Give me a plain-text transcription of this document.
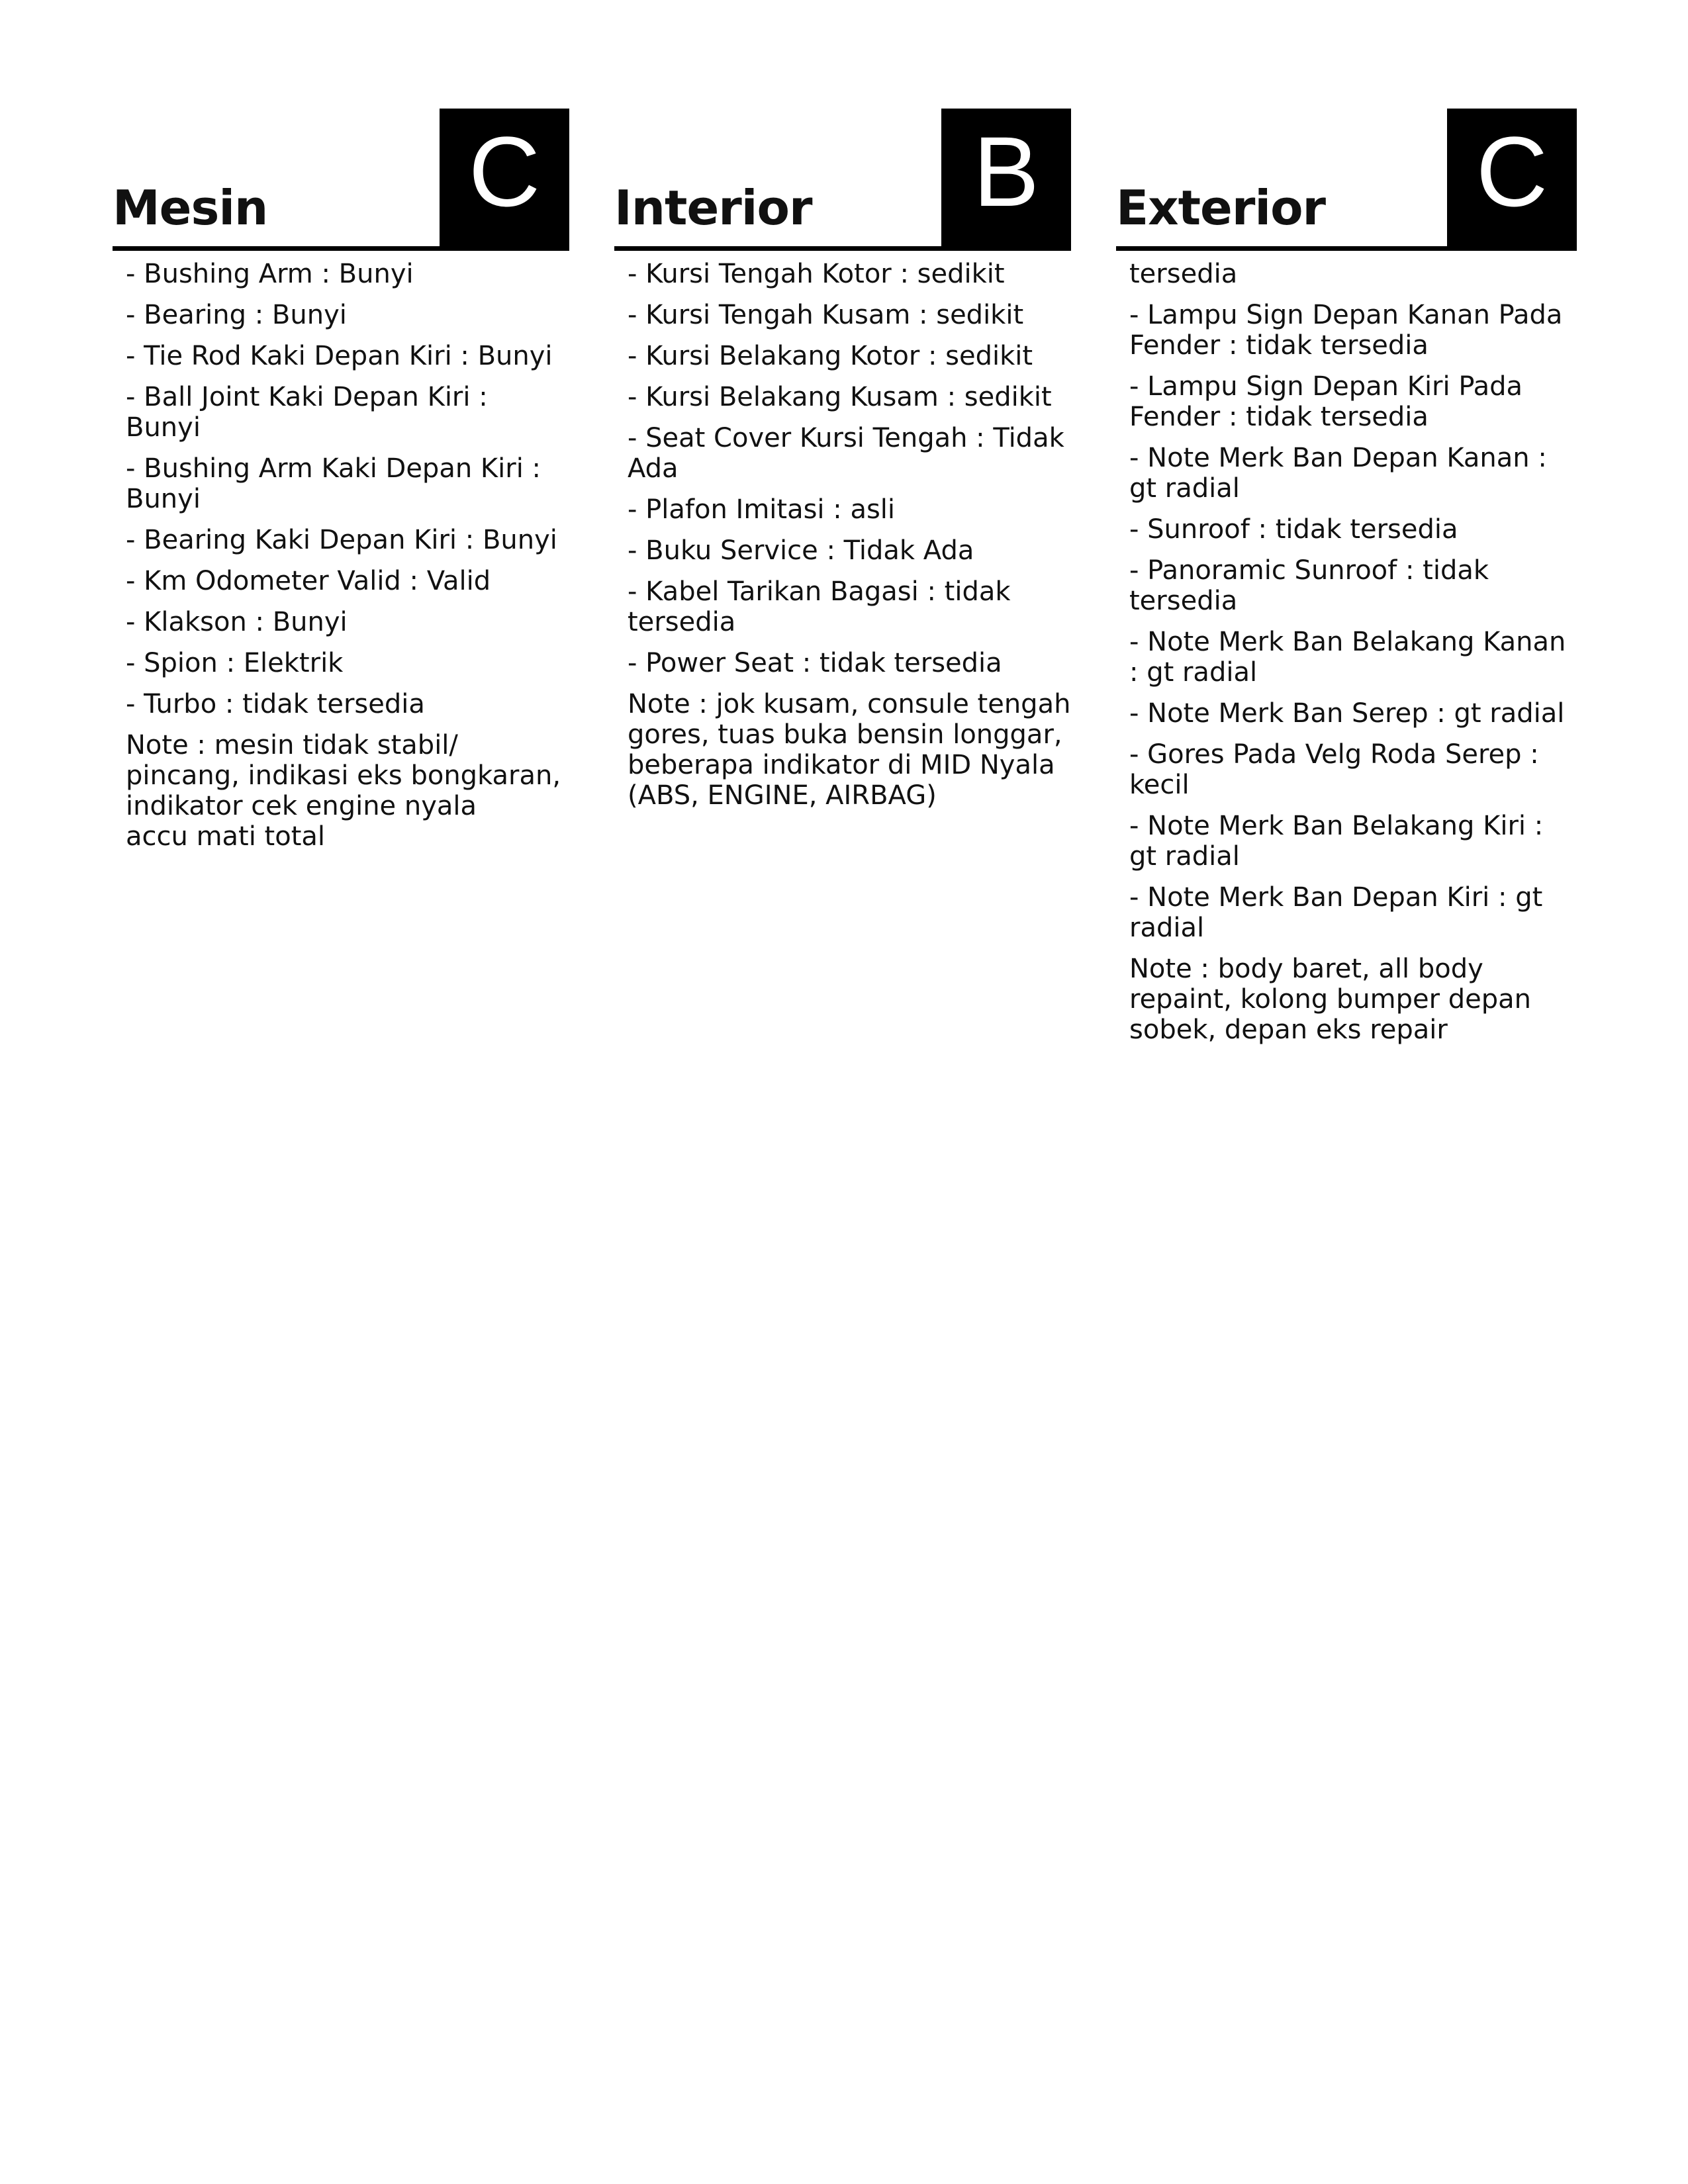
Mesin C
- Bushing Arm : Bunyi
- Bearing : Bunyi
- Tie Rod Kaki Depan Kiri : Bunyi
- Ball Joint Kaki Depan Kiri : Bunyi
- Bushing Arm Kaki Depan Kiri : Bunyi
- Bearing Kaki Depan Kiri : Bunyi
- Km Odometer Valid : Valid
- Klakson : Bunyi
- Spion : Elektrik
- Turbo : tidak tersedia

Note : mesin tidak stabil/ pincang, indikasi eks bongkaran, indikator cek engine nyala
accu mati total

Interior	B
- Kursi Tengah Kotor : sedikit
- Kursi Tengah Kusam : sedikit
- Kursi Belakang Kotor : sedikit
- Kursi Belakang Kusam : sedikit
- Seat Cover Kursi Tengah : Tidak Ada
- Plafon Imitasi : asli
- Buku Service : Tidak Ada
- Kabel Tarikan Bagasi : tidak tersedia
- Power Seat : tidak tersedia

Note : jok kusam, consule tengah gores, tuas buka bensin longgar, beberapa indikator di MID Nyala (ABS, ENGINE, AIRBAG)

Exterior C
tersedia
- Lampu Sign Depan Kanan Pada Fender : tidak tersedia
- Lampu Sign Depan Kiri Pada Fender : tidak tersedia
- Note Merk Ban Depan Kanan : gt radial
- Sunroof : tidak tersedia
- Panoramic Sunroof : tidak tersedia
- Note Merk Ban Belakang Kanan : gt radial
- Note Merk Ban Serep : gt radial
- Gores Pada Velg Roda Serep : kecil
- Note Merk Ban Belakang Kiri : gt radial
- Note Merk Ban Depan Kiri : gt radial

Note : body baret, all body repaint, kolong bumper depan sobek, depan eks repair
